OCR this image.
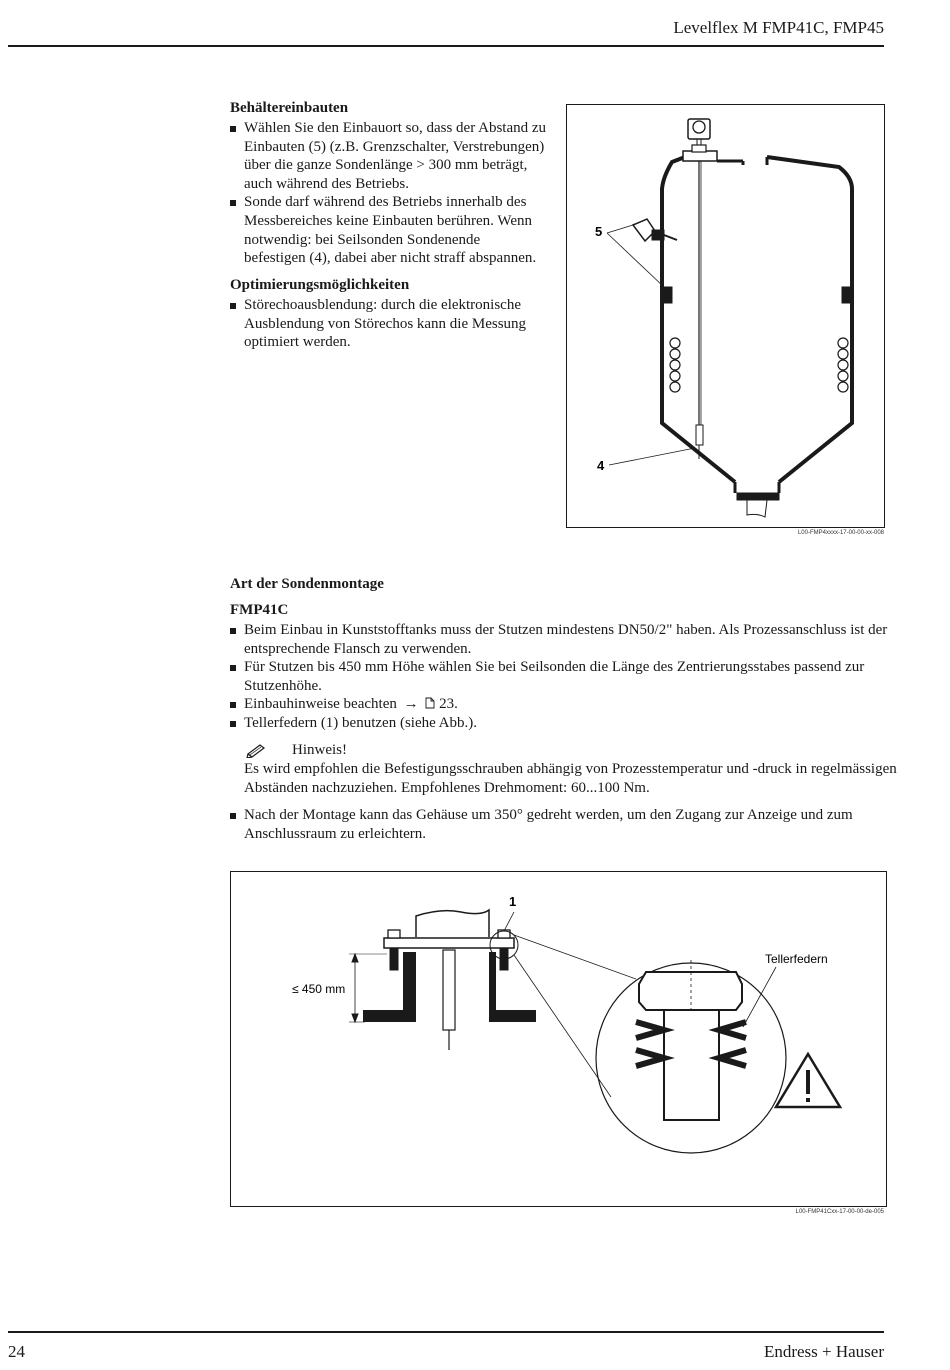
Levelflex M FMP41C, FMP45
Behältereinbauten
Wählen Sie den Einbauort so, dass der Abstand zu
Einbauten (5) (z.B. Grenzschalter, Verstrebungen)
über die ganze Sondenlänge > 300 mm beträgt,
auch während des Betriebs.
Sonde darf während des Betriebs innerhalb des
Messbereiches keine Einbauten berühren. Wenn
notwendig: bei Seilsonden Sondenende
befestigen (4), dabei aber nicht straff abspannen.
Optimierungsmöglichkeiten
Störechoausblendung: durch die elektronische
Ausblendung von Störechos kann die Messung
optimiert werden.
5
4
L00-FMP4xxxx-17-00-00-xx-008
Art der Sondenmontage
FMP41C
Beim Einbau in Kunststofftanks muss der Stutzen mindestens DN50/2" haben. Als Prozessanschluss ist der
entsprechende Flansch zu verwenden.
Für Stutzen bis 450 mm Höhe wählen Sie bei Seilsonden die Länge des Zentrierungsstabes passend zur
Stutzenhöhe.
Einbauhinweise beachten → 23.
Tellerfedern (1) benutzen (siehe Abb.).
Hinweis!
Es wird empfohlen die Befestigungsschrauben abhängig von Prozesstemperatur und -druck in regelmässigen
Abständen nachzuziehen. Empfohlenes Drehmoment: 60...100 Nm.
Nach der Montage kann das Gehäuse um 350° gedreht werden, um den Zugang zur Anzeige und zum
Anschlussraum zu erleichtern.
1
≤ 450 mm
Tellerfedern
L00-FMP41Cxx-17-00-00-de-005
24	Endress + Hauser
